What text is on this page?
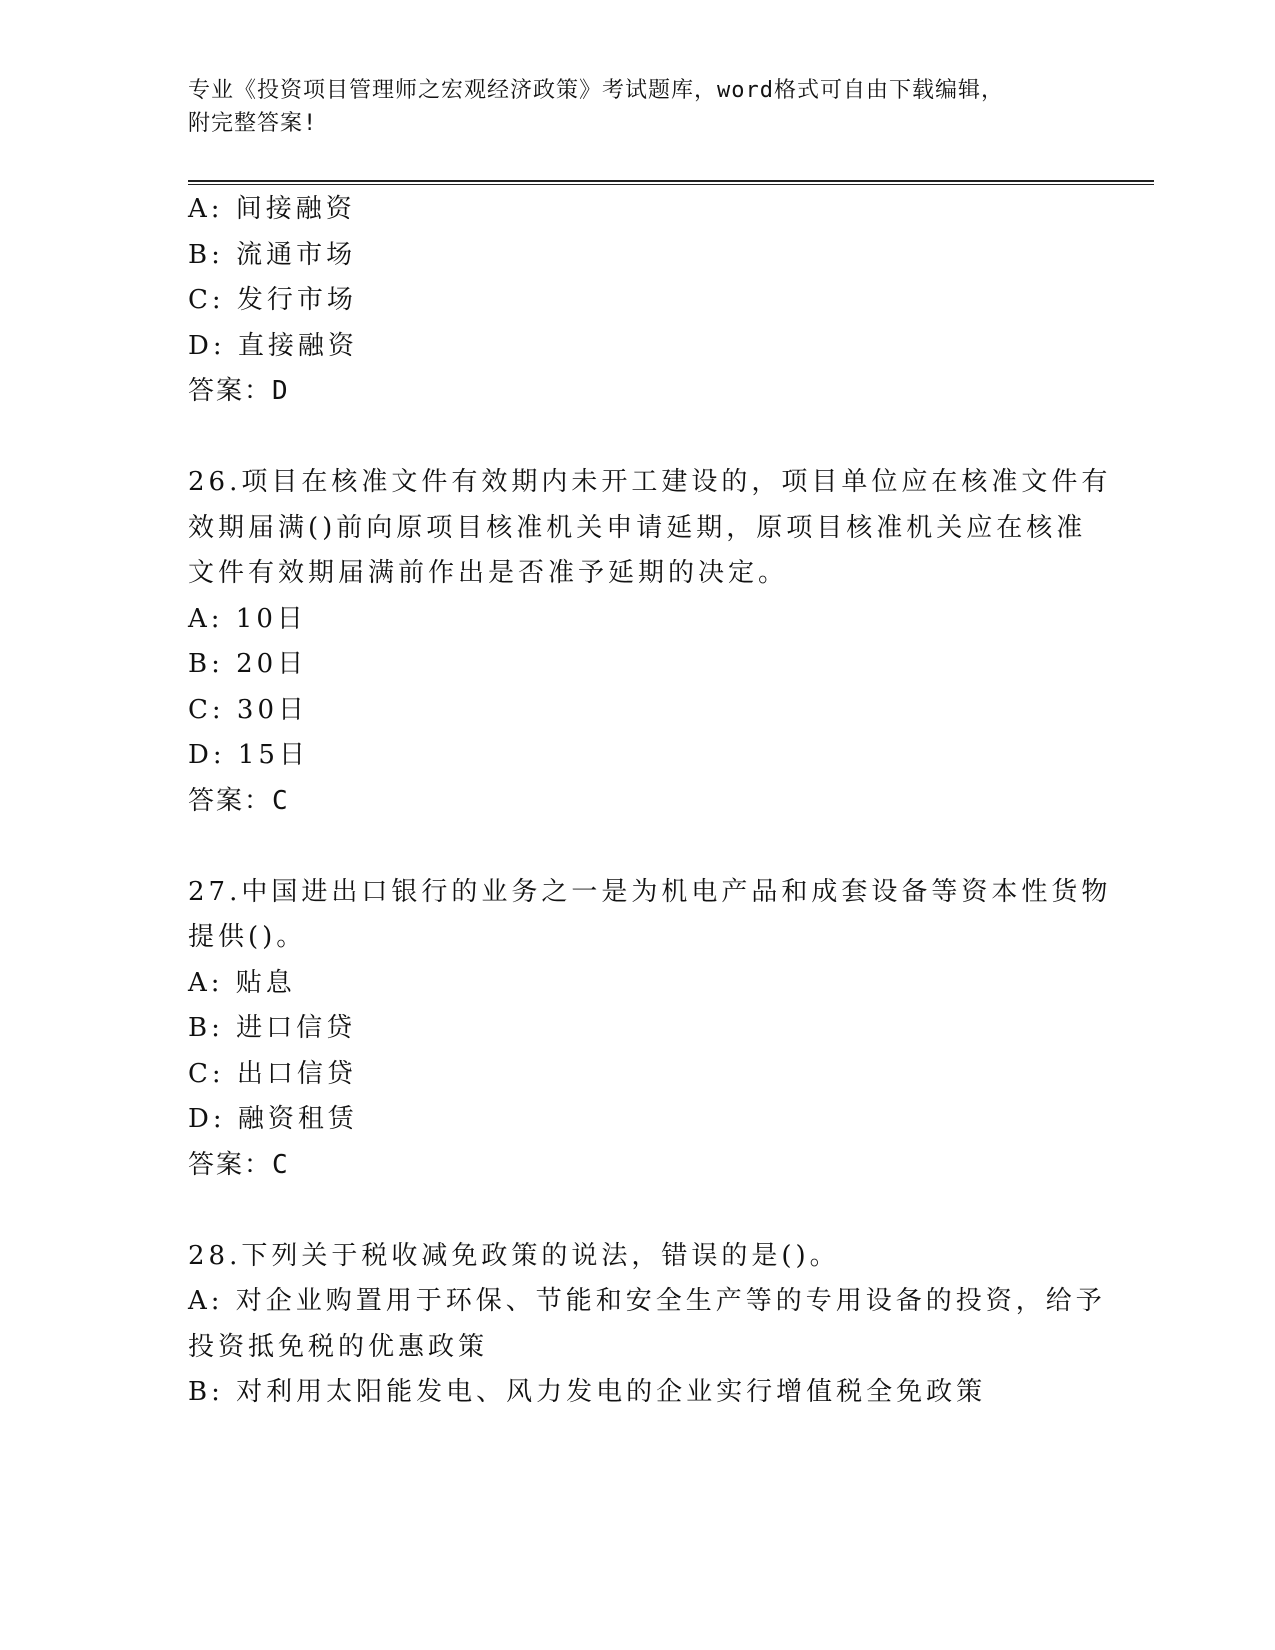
专业《投资项目管理师之宏观经济政策》考试题库，word格式可自由下载编辑，
附完整答案!
A: 间接融资
B: 流通市场
C: 发行市场
D: 直接融资
答案：D
26.项目在核准文件有效期内未开工建设的，项目单位应在核准文件有
效期届满()前向原项目核准机关申请延期，原项目核准机关应在核准
文件有效期届满前作出是否准予延期的决定。
A: 10日
B: 20日
C: 30日
D: 15日
答案：C
27.中国进出口银行的业务之一是为机电产品和成套设备等资本性货物
提供()。
A: 贴息
B: 进口信贷
C: 出口信贷
D: 融资租赁
答案：C
28.下列关于税收减免政策的说法，错误的是()。
A: 对企业购置用于环保、节能和安全生产等的专用设备的投资，给予
投资抵免税的优惠政策
B: 对利用太阳能发电、风力发电的企业实行增值税全免政策
